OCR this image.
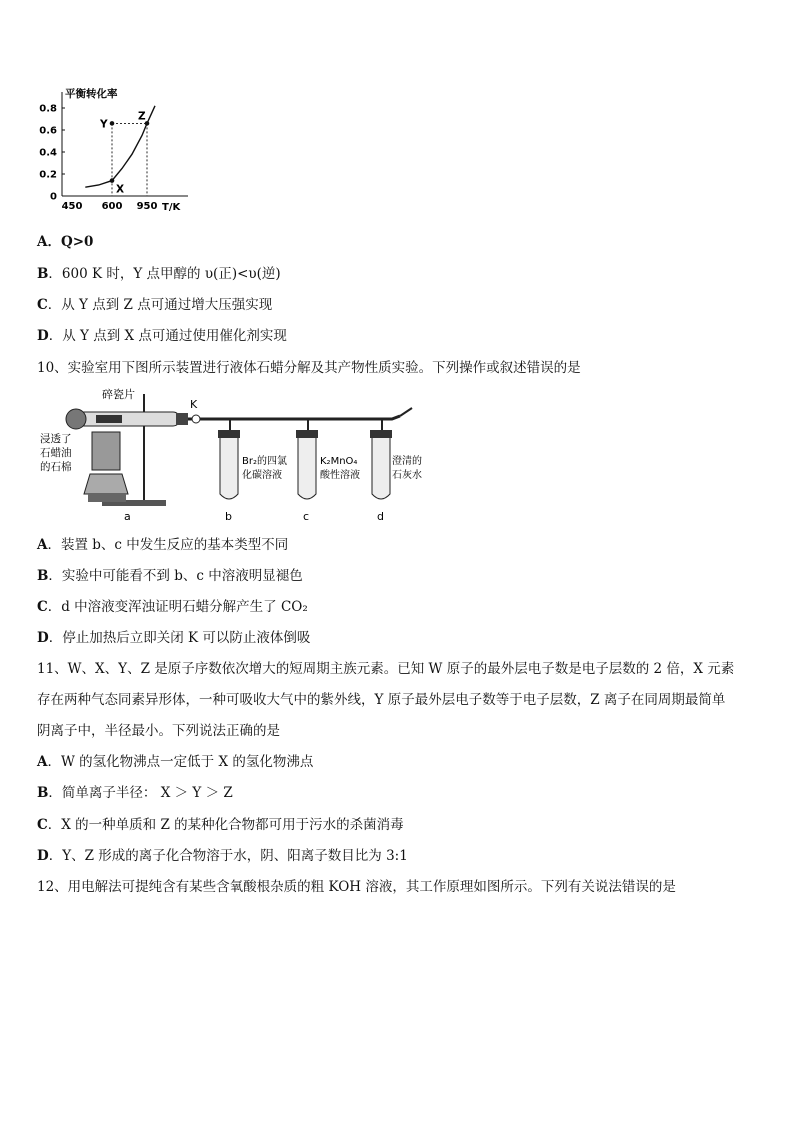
平衡转化率
0.8
0.6
0.4
0.2
0
450 600 950 T/K
X
Y
Z
A．Q>0
B．600 K 时，Y 点甲醇的 υ(正)<υ(逆)
C．从 Y 点到 Z 点可通过增大压强实现
D．从 Y 点到 X 点可通过使用催化剂实现
10、实验室用下图所示装置进行液体石蜡分解及其产物性质实验。下列操作或叙述错误的是
K
碎瓷片
浸透了
石蜡油
的石棉	Br₂的四氯
化碳溶液
K₂MnO₄
酸性溶液
澄清的
石灰水
a	b	c	d
A．装置 b、c 中发生反应的基本类型不同
B．实验中可能看不到 b、c 中溶液明显褪色
C．d 中溶液变浑浊证明石蜡分解产生了 CO₂
D．停止加热后立即关闭 K 可以防止液体倒吸
11、W、X、Y、Z 是原子序数依次增大的短周期主族元素。已知 W 原子的最外层电子数是电子层数的 2 倍，X 元素
存在两种气态同素异形体，一种可吸收大气中的紫外线，Y 原子最外层电子数等于电子层数，Z 离子在同周期最简单
阴离子中，半径最小。下列说法正确的是
A．W 的氢化物沸点一定低于 X 的氢化物沸点
B．简单离子半径： X ＞ Y ＞ Z
C．X 的一种单质和 Z 的某种化合物都可用于污水的杀菌消毒
D．Y、Z 形成的离子化合物溶于水，阴、阳离子数目比为 3:1
12、用电解法可提纯含有某些含氧酸根杂质的粗 KOH 溶液，其工作原理如图所示。下列有关说法错误的是
